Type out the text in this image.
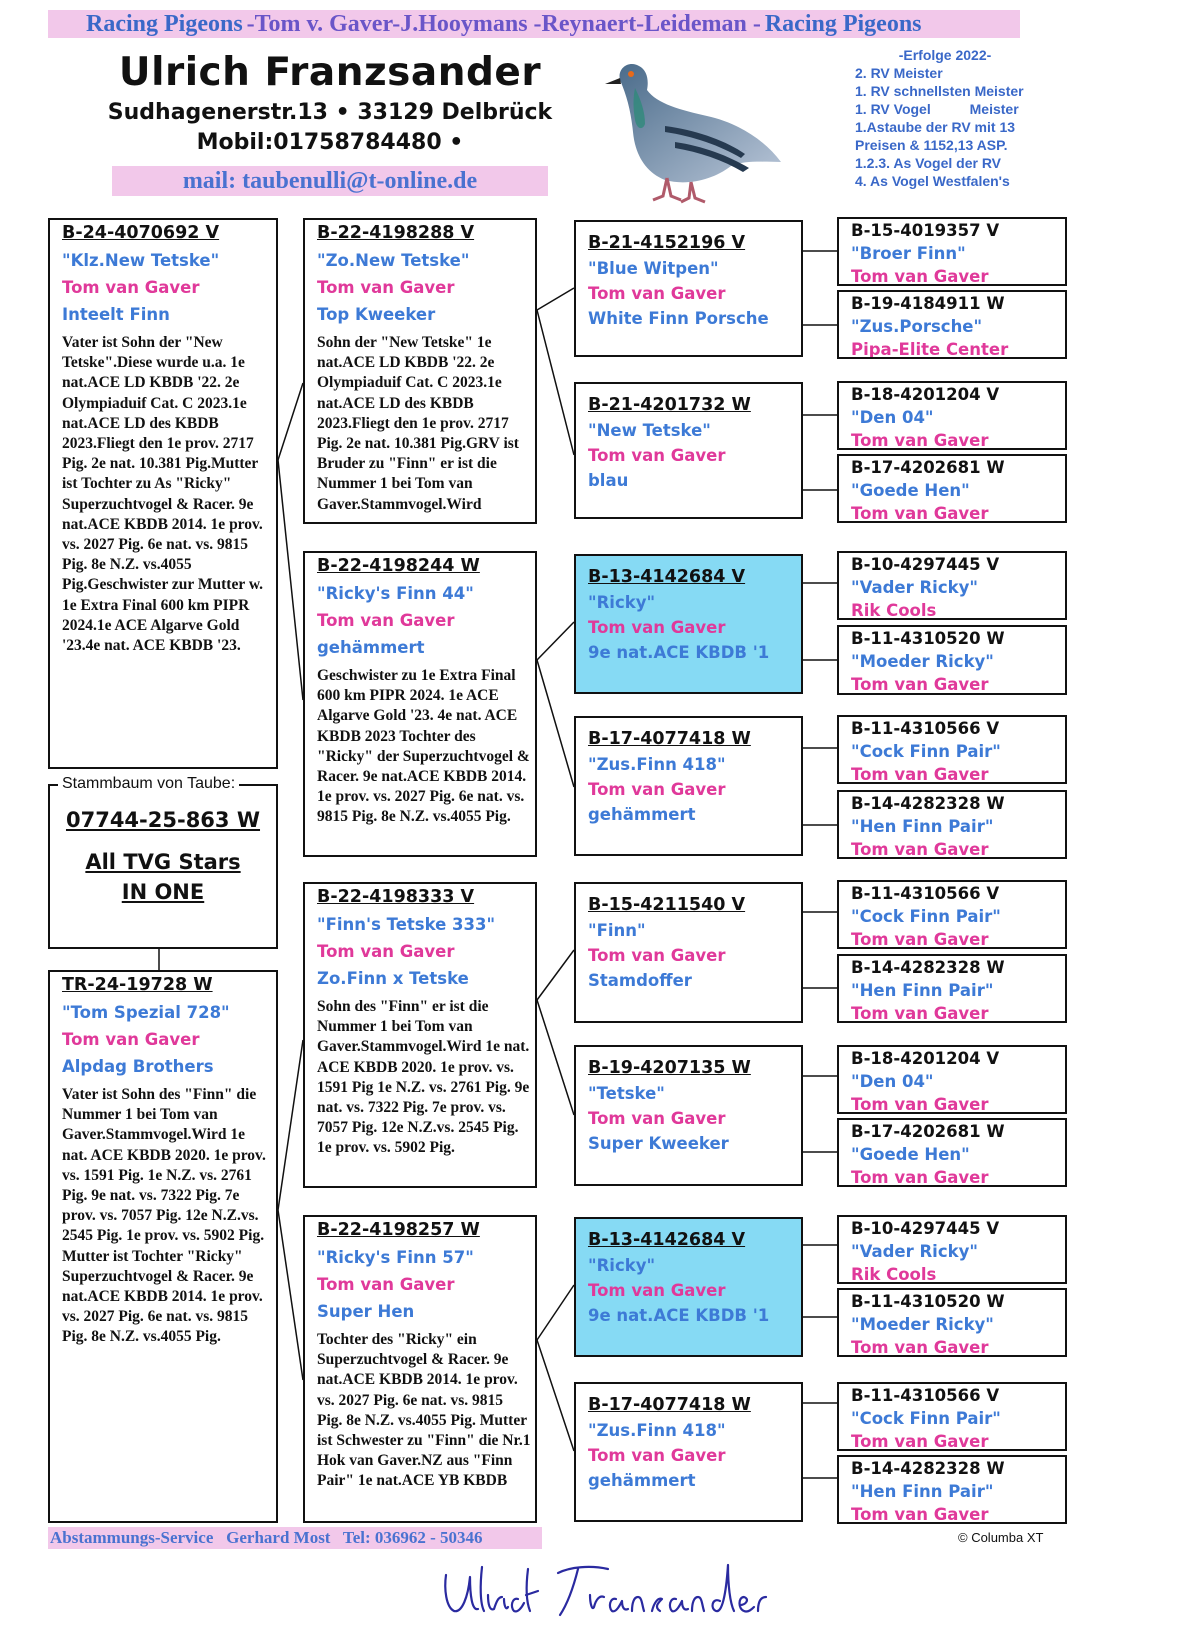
Racing Pigeons -Tom v. Gaver-J.Hooymans -Reynaert-Leideman - Racing Pigeons
Ulrich Franzsander
Sudhagenerstr.13 • 33129 Delbrück
Mobil:01758784480 •
mail: taubenulli@t-online.de
-Erfolge 2022-
2. RV Meister
1. RV schnellsten Meister
1. RV Vogel          Meister
1.Astaube der RV mit 13
Preisen & 1152,13 ASP.
1.2.3. As Vogel der RV
4. As Vogel Westfalen's
B-24-4070692 V
"Klz.New Tetske"
Tom van Gaver
Inteelt Finn
Vater ist Sohn der "New Tetske".Diese wurde u.a. 1e nat.ACE LD KBDB '22. 2e Olympiaduif Cat. C 2023.1e nat.ACE LD des KBDB 2023.Fliegt den 1e prov. 2717 Pig. 2e nat. 10.381 Pig.Mutter ist Tochter zu As "Ricky" Superzuchtvogel & Racer. 9e nat.ACE KBDB 2014. 1e prov. vs. 2027 Pig. 6e nat. vs. 9815 Pig. 8e N.Z. vs.4055 Pig.Geschwister zur Mutter w. 1e Extra Final 600 km PIPR 2024.1e ACE Algarve Gold '23.4e nat. ACE KBDB '23.
07744-25-863 W
All TVG Stars
IN ONE
Stammbaum von Taube:
TR-24-19728 W
"Tom Spezial 728"
Tom van Gaver
Alpdag Brothers
Vater ist Sohn des "Finn" die Nummer 1 bei Tom van Gaver.Stammvogel.Wird 1e nat. ACE KBDB 2020. 1e prov. vs. 1591 Pig. 1e N.Z. vs. 2761 Pig. 9e nat. vs. 7322 Pig. 7e prov. vs. 7057 Pig. 12e N.Z.vs. 2545 Pig. 1e prov. vs. 5902 Pig. Mutter ist Tochter "Ricky" Superzuchtvogel & Racer. 9e nat.ACE KBDB 2014. 1e prov. vs. 2027 Pig. 6e nat. vs. 9815 Pig. 8e N.Z. vs.4055 Pig.
B-22-4198288 V
"Zo.New Tetske"
Tom van Gaver
Top Kweeker
Sohn der "New Tetske" 1e nat.ACE LD KBDB '22. 2e Olympiaduif Cat. C 2023.1e nat.ACE LD des KBDB 2023.Fliegt den 1e prov. 2717 Pig. 2e nat. 10.381 Pig.GRV ist Bruder zu "Finn" er ist die Nummer 1 bei Tom van Gaver.Stammvogel.Wird
B-22-4198244 W
"Ricky's Finn 44"
Tom van Gaver
gehämmert
Geschwister zu 1e Extra Final 600 km PIPR 2024. 1e ACE Algarve Gold '23. 4e nat. ACE KBDB 2023 Tochter des "Ricky" der Superzuchtvogel & Racer. 9e nat.ACE KBDB 2014. 1e prov. vs. 2027 Pig. 6e nat. vs. 9815 Pig. 8e N.Z. vs.4055 Pig.
B-22-4198333 V
"Finn's Tetske 333"
Tom van Gaver
Zo.Finn x Tetske
Sohn des "Finn" er ist die Nummer 1 bei Tom van Gaver.Stammvogel.Wird 1e nat. ACE KBDB 2020. 1e prov. vs. 1591 Pig 1e N.Z. vs. 2761 Pig. 9e nat. vs. 7322 Pig. 7e prov. vs. 7057 Pig. 12e N.Z.vs. 2545 Pig. 1e prov. vs. 5902 Pig.
B-22-4198257 W
"Ricky's Finn 57"
Tom van Gaver
Super Hen
Tochter des "Ricky" ein Superzuchtvogel & Racer. 9e nat.ACE KBDB 2014. 1e prov. vs. 2027 Pig. 6e nat. vs. 9815 Pig. 8e N.Z. vs.4055 Pig. Mutter ist Schwester zu "Finn" die Nr.1 Hok van Gaver.NZ aus "Finn Pair" 1e nat.ACE YB KBDB
B-21-4152196 V
"Blue Witpen"
Tom van Gaver
White Finn Porsche
B-21-4201732 W
"New Tetske"
Tom van Gaver
blau
B-13-4142684 V
"Ricky"
Tom van Gaver
9e nat.ACE KBDB '1
B-17-4077418 W
"Zus.Finn 418"
Tom van Gaver
gehämmert
B-15-4211540 V
"Finn"
Tom van Gaver
Stamdoffer
B-19-4207135 W
"Tetske"
Tom van Gaver
Super Kweeker
B-13-4142684 V
"Ricky"
Tom van Gaver
9e nat.ACE KBDB '1
B-17-4077418 W
"Zus.Finn 418"
Tom van Gaver
gehämmert
B-15-4019357 V
"Broer Finn"
Tom van Gaver
B-19-4184911 W
"Zus.Porsche"
Pipa-Elite Center
B-18-4201204 V
"Den 04"
Tom van Gaver
B-17-4202681 W
"Goede Hen"
Tom van Gaver
B-10-4297445 V
"Vader Ricky"
Rik Cools
B-11-4310520 W
"Moeder Ricky"
Tom van Gaver
B-11-4310566 V
"Cock Finn Pair"
Tom van Gaver
B-14-4282328 W
"Hen Finn Pair"
Tom van Gaver
B-11-4310566 V
"Cock Finn Pair"
Tom van Gaver
B-14-4282328 W
"Hen Finn Pair"
Tom van Gaver
B-18-4201204 V
"Den 04"
Tom van Gaver
B-17-4202681 W
"Goede Hen"
Tom van Gaver
B-10-4297445 V
"Vader Ricky"
Rik Cools
B-11-4310520 W
"Moeder Ricky"
Tom van Gaver
B-11-4310566 V
"Cock Finn Pair"
Tom van Gaver
B-14-4282328 W
"Hen Finn Pair"
Tom van Gaver
Abstammungs-Service   Gerhard Most   Tel: 036962 - 50346	© Columba XT
